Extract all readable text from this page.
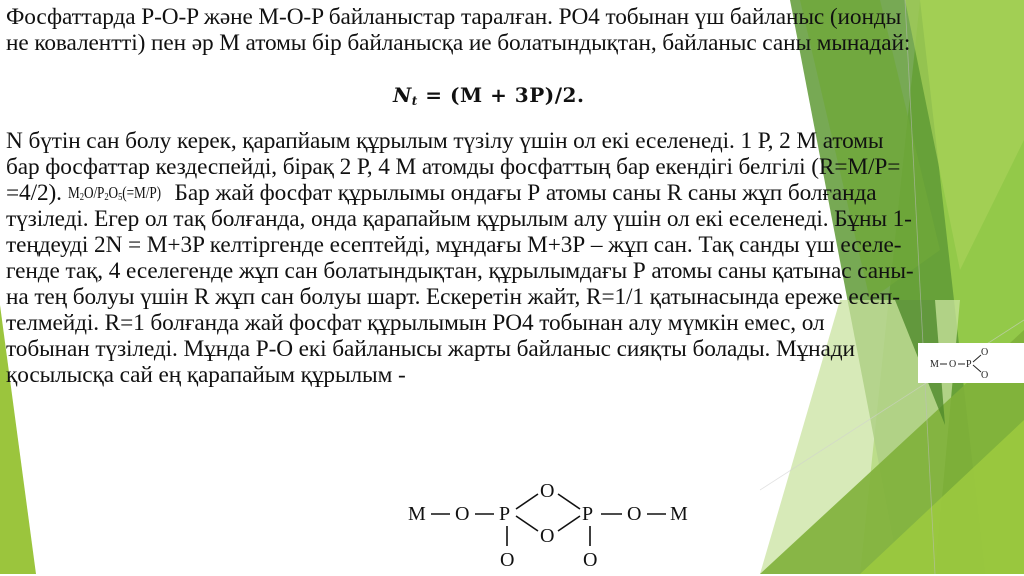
Фосфаттарда P-O-P және M-O-P байланыстар таралған. PO4 тобынан үш байланыс (ионды
не ковалентті) пен әр М атомы бір байланысқа ие болатындықтан, байланыс саны мынадай:
$N_t = (M + 3P)/2$.
N бүтін сан болу керек, қарапйаым құрылым түзілу үшін ол екі еселенеді. 1 Р, 2 М атомы
бар фосфаттар кездеспейді, бірақ 2 Р, 4 М атомды фосфаттың бар екендігі белгілі (R=M/P=
=4/2). $M_2O/P_2O_5(=M/P)$ Бар жай фосфат құрылымы ондағы Р атомы саны R саны жұп болғанда
түзіледі. Егер ол тақ болғанда, онда қарапайым құрылым алу үшін ол екі еселенеді. Бұны 1-
теңдеуді 2N = M+3P келтіргенде есептейді, мұндағы М+3Р – жұп сан. Тақ санды үш еселе-
генде тақ, 4 еселегенде жұп сан болатындықтан, құрылымдағы Р атомы саны қатынас саны-
на тең болуы үшін R жұп сан болуы шарт. Ескеретін жайт, R=1/1 қатынасында ереже есеп-
телмейді. R=1 болғанда жай фосфат құрылымын PO4 тобынан алу мүмкін емес, ол
тобынан түзіледі. Мұнда Р-О екі байланысы жарты байланыс сияқты болады. Мұнади
қосылысқа сай ең қарапайым құрылым -	M O P
O
O
M O P
O
O
P O M
O	O
